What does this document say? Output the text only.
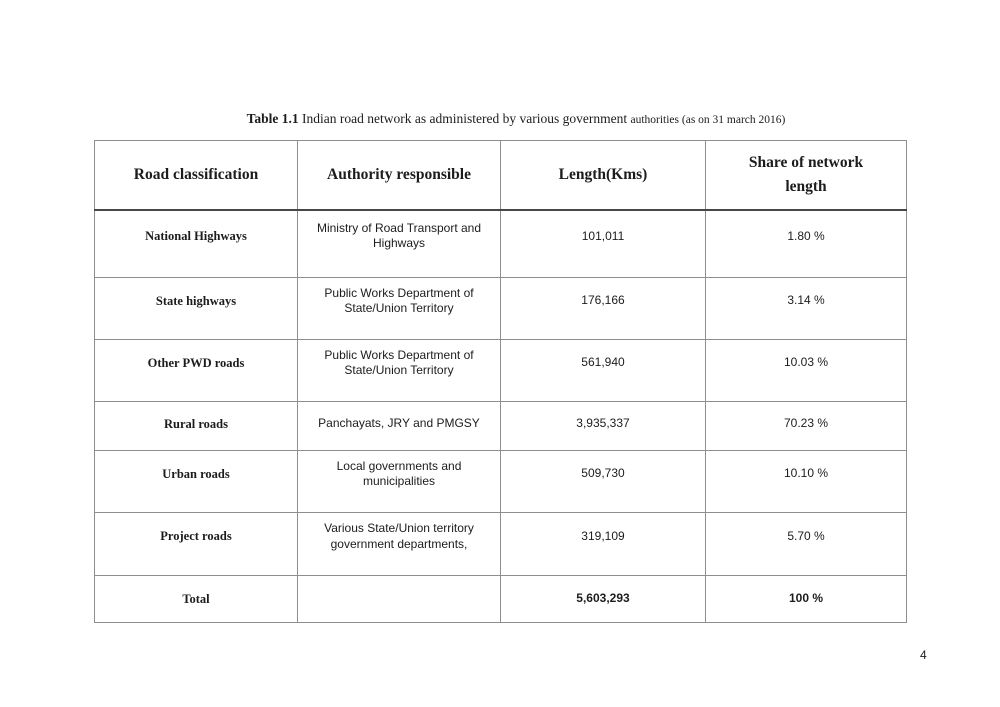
Table 1.1 Indian road network as administered by various government authorities (as on 31 march 2016)
Road classification	Authority responsible	Length(Kms)	Share of network length

National Highways	Ministry of Road Transport and Highways	101,011	1.80 %
State highways	Public Works Department of State/Union Territory	176,166	3.14 %
Other PWD roads	Public Works Department of State/Union Territory	561,940	10.03 %
Rural roads	Panchayats, JRY and PMGSY	3,935,337	70.23 %
Urban roads	Local governments and municipalities	509,730	10.10 %
Project roads	Various State/Union territory government departments,	319,109	5.70 %
Total		5,603,293	100 %
4
